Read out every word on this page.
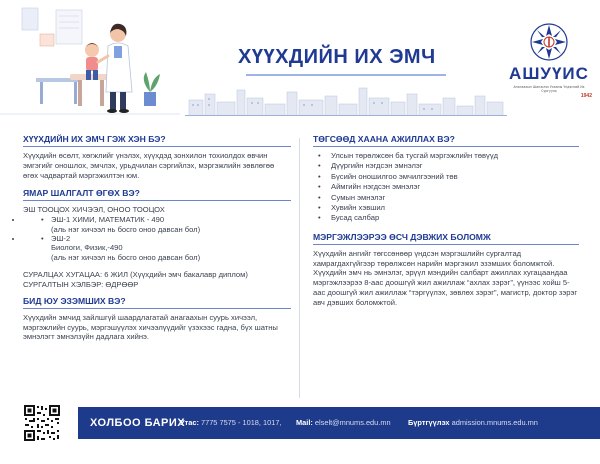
ХҮҮХДИЙН ИХ ЭМЧ
АШУҮИС
Анагаахын Шинжлэх Ухааны Үндэсний Их Сургууль
1942
ХҮҮХДИЙН ИХ ЭМЧ ГЭЖ ХЭН БЭ?
Хүүхдийн өсөлт, хөгжлийг үнэлэх, хүүхдэд зонхилон тохиолдох өвчин эмгэгийг оношлох, эмчлэх, урьдчилан сэргийлэх, мэргэжлийн зөвлөгөө өгөх чадвартай мэргэжилтэн юм.
ЯМАР ШАЛГАЛТ ӨГӨХ ВЭ?
ЭШ ТООЦОХ ХИЧЭЭЛ, ОНОО ТООЦОХ
• • ЭШ-1 ХИМИ, МАТЕМАТИК - 490
(аль нэг хичээл нь босго оноо давсан бол)
• • ЭШ-2
Биологи, Физик,-490
(аль нэг хичээл нь босго оноо давсан бол)
СУРАЛЦАХ ХУГАЦАА: 6 ЖИЛ (Хүүхдийн эмч бакалавр диплом)
СУРГАЛТЫН ХЭЛБЭР: ӨДРӨӨР
БИД ЮУ ЭЗЭМШИХ ВЭ?
Хүүхдийн эмчид зайлшгүй шаардлагатай анагаахын суурь хичээл, мэргэжлийн суурь, мэргэшүүлэх хичээлүүдийг үзэхээс гадна, бүх шатны эмнэлэгт эмнэлзүйн дадлага хийнэ.
ТӨГСӨӨД ХААНА АЖИЛЛАХ ВЭ?
• Улсын төрөлжсөн ба тусгай мэргэжлийн төвүүд
• Дүүргийн нэгдсэн эмнэлэг
• Бүсийн оношилгоо эмчилгээний төв
• Аймгийн нэгдсэн эмнэлэг
• Сумын эмнэлэг
• Хувийн хэвшил
• Бусад салбар
МЭРГЭЖЛЭЭРЭЭ ӨСЧ ДЭВЖИХ БОЛОМЖ
Хүүхдийн ангийг төгссөнөөр үндсэн мэргэшлийн сургалтад хамрагдахгүйгээр төрөлжсөн нарийн мэргэжил эзэмших боломжтой.
Хүүхдийн эмч нь эмнэлэг, эрүүл мэндийн салбарт ажиллах хугацаандаа мэргэжлээрээ 8-аас доошгүй жил ажиллаж “ахлах зэрэг”, үүнээс хойш 5-аас доошгүй жил ажиллаж “тэргүүлэх, зөвлөх зэрэг”, магистр, доктор зэрэг авч дэвших боломжтой.
ХОЛБОО БАРИХ
Утас: 7775 7575 - 1018, 1017, Mail: elselt@mnums.edu.mn Бүртгүүлэх admission.mnums.edu.mn
